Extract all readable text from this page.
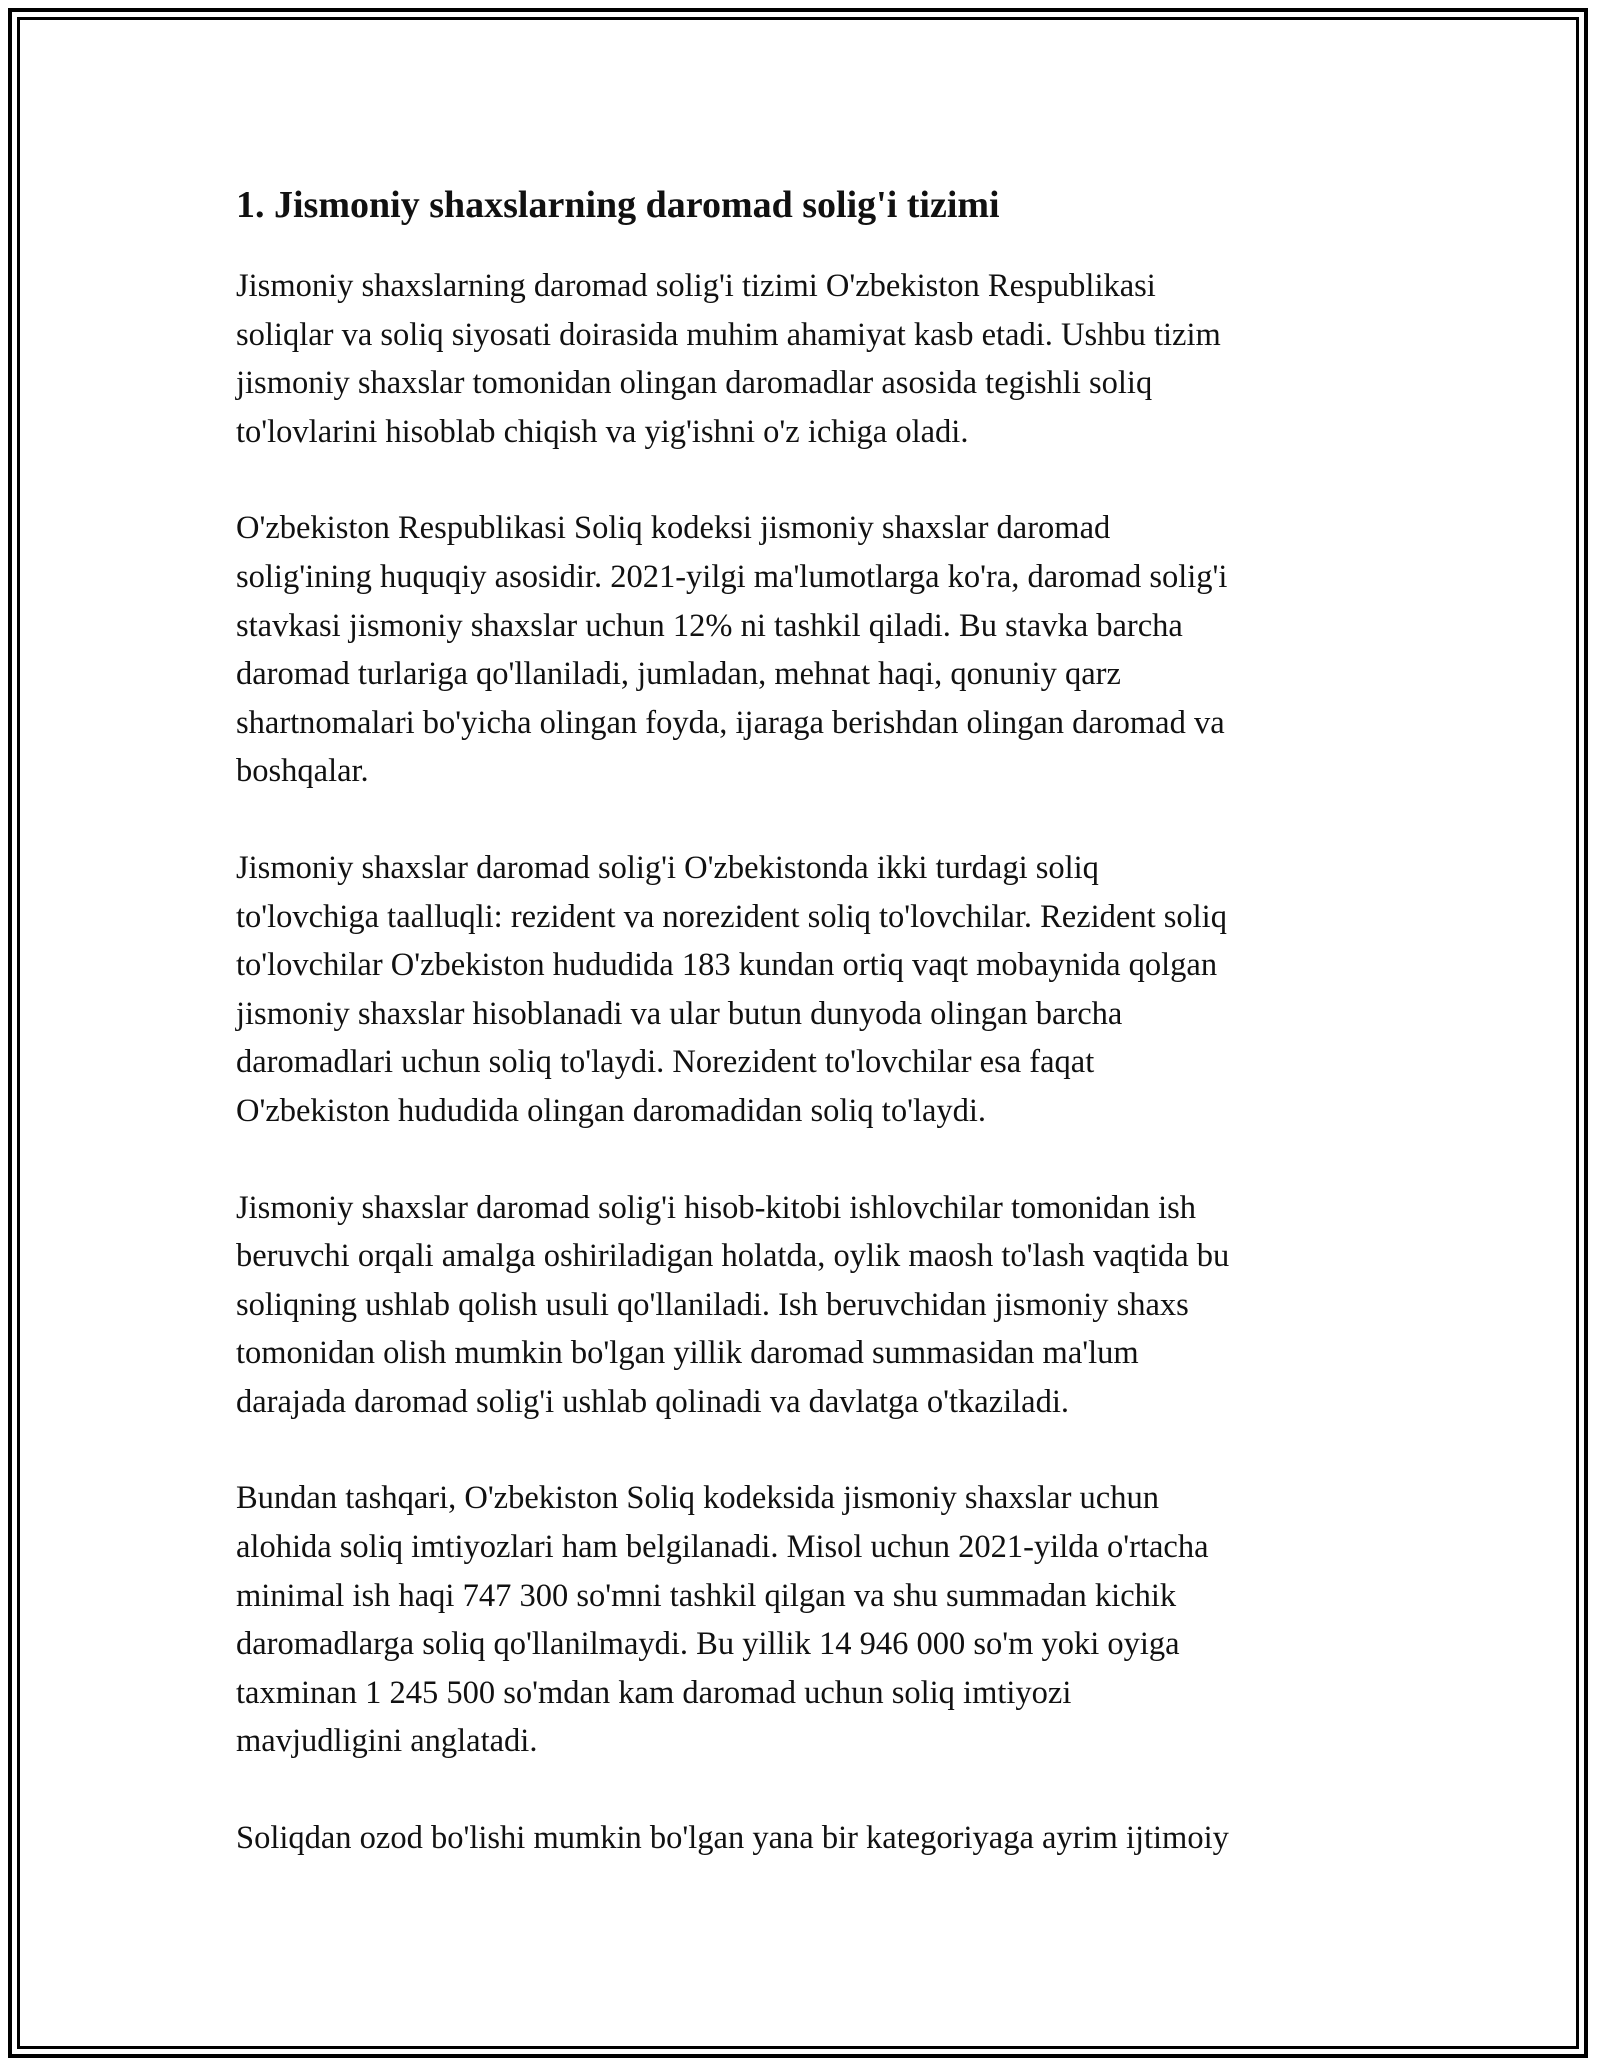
1. Jismoniy shaxslarning daromad solig'i tizimi

Jismoniy shaxslarning daromad solig'i tizimi O'zbekiston Respublikasi
soliqlar va soliq siyosati doirasida muhim ahamiyat kasb etadi. Ushbu tizim
jismoniy shaxslar tomonidan olingan daromadlar asosida tegishli soliq
to'lovlarini hisoblab chiqish va yig'ishni o'z ichiga oladi.

O'zbekiston Respublikasi Soliq kodeksi jismoniy shaxslar daromad
solig'ining huquqiy asosidir. 2021-yilgi ma'lumotlarga ko'ra, daromad solig'i
stavkasi jismoniy shaxslar uchun 12% ni tashkil qiladi. Bu stavka barcha
daromad turlariga qo'llaniladi, jumladan, mehnat haqi, qonuniy qarz
shartnomalari bo'yicha olingan foyda, ijaraga berishdan olingan daromad va
boshqalar.

Jismoniy shaxslar daromad solig'i O'zbekistonda ikki turdagi soliq
to'lovchiga taalluqli: rezident va norezident soliq to'lovchilar. Rezident soliq
to'lovchilar O'zbekiston hududida 183 kundan ortiq vaqt mobaynida qolgan
jismoniy shaxslar hisoblanadi va ular butun dunyoda olingan barcha
daromadlari uchun soliq to'laydi. Norezident to'lovchilar esa faqat
O'zbekiston hududida olingan daromadidan soliq to'laydi.

Jismoniy shaxslar daromad solig'i hisob-kitobi ishlovchilar tomonidan ish
beruvchi orqali amalga oshiriladigan holatda, oylik maosh to'lash vaqtida bu
soliqning ushlab qolish usuli qo'llaniladi. Ish beruvchidan jismoniy shaxs
tomonidan olish mumkin bo'lgan yillik daromad summasidan ma'lum
darajada daromad solig'i ushlab qolinadi va davlatga o'tkaziladi.

Bundan tashqari, O'zbekiston Soliq kodeksida jismoniy shaxslar uchun
alohida soliq imtiyozlari ham belgilanadi. Misol uchun 2021-yilda o'rtacha
minimal ish haqi 747 300 so'mni tashkil qilgan va shu summadan kichik
daromadlarga soliq qo'llanilmaydi. Bu yillik 14 946 000 so'm yoki oyiga
taxminan 1 245 500 so'mdan kam daromad uchun soliq imtiyozi
mavjudligini anglatadi.

Soliqdan ozod bo'lishi mumkin bo'lgan yana bir kategoriyaga ayrim ijtimoiy
